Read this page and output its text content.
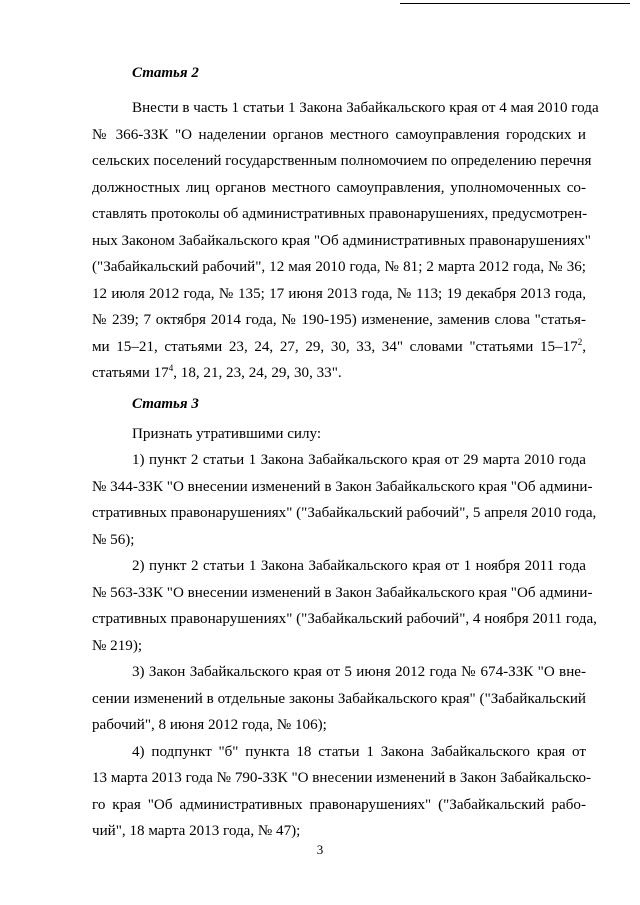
Статья 2
Внести в часть 1 статьи 1 Закона Забайкальского края от 4 мая 2010 года
№ 366-ЗЗК "О наделении органов местного самоуправления городских и
сельских поселений государственным полномочием по определению перечня
должностных лиц органов местного самоуправления, уполномоченных со-
ставлять протоколы об административных правонарушениях, предусмотрен-
ных Законом Забайкальского края "Об административных правонарушениях"
("Забайкальский рабочий", 12 мая 2010 года, № 81; 2 марта 2012 года, № 36;
12 июля 2012 года, № 135; 17 июня 2013 года, № 113; 19 декабря 2013 года,
№ 239; 7 октября 2014 года, № 190-195) изменение, заменив слова "статья-
ми 15–21, статьями 23, 24, 27, 29, 30, 33, 34" словами "статьями $15-17^2$,
статьями $17^4$, 18, 21, 23, 24, 29, 30, 33".
Статья 3
Признать утратившими силу:
1) пункт 2 статьи 1 Закона Забайкальского края от 29 марта 2010 года
№ 344-ЗЗК "О внесении изменений в Закон Забайкальского края "Об админи-
стративных правонарушениях" ("Забайкальский рабочий", 5 апреля 2010 года,
№ 56);
2) пункт 2 статьи 1 Закона Забайкальского края от 1 ноября 2011 года
№ 563-ЗЗК "О внесении изменений в Закон Забайкальского края "Об админи-
стративных правонарушениях" ("Забайкальский рабочий", 4 ноября 2011 года,
№ 219);
3) Закон Забайкальского края от 5 июня 2012 года № 674-ЗЗК "О вне-
сении изменений в отдельные законы Забайкальского края" ("Забайкальский
рабочий", 8 июня 2012 года, № 106);
4) подпункт "б" пункта 18 статьи 1 Закона Забайкальского края от
13 марта 2013 года № 790-ЗЗК "О внесении изменений в Закон Забайкальско-
го края "Об административных правонарушениях" ("Забайкальский рабо-
чий", 18 марта 2013 года, № 47);
3
